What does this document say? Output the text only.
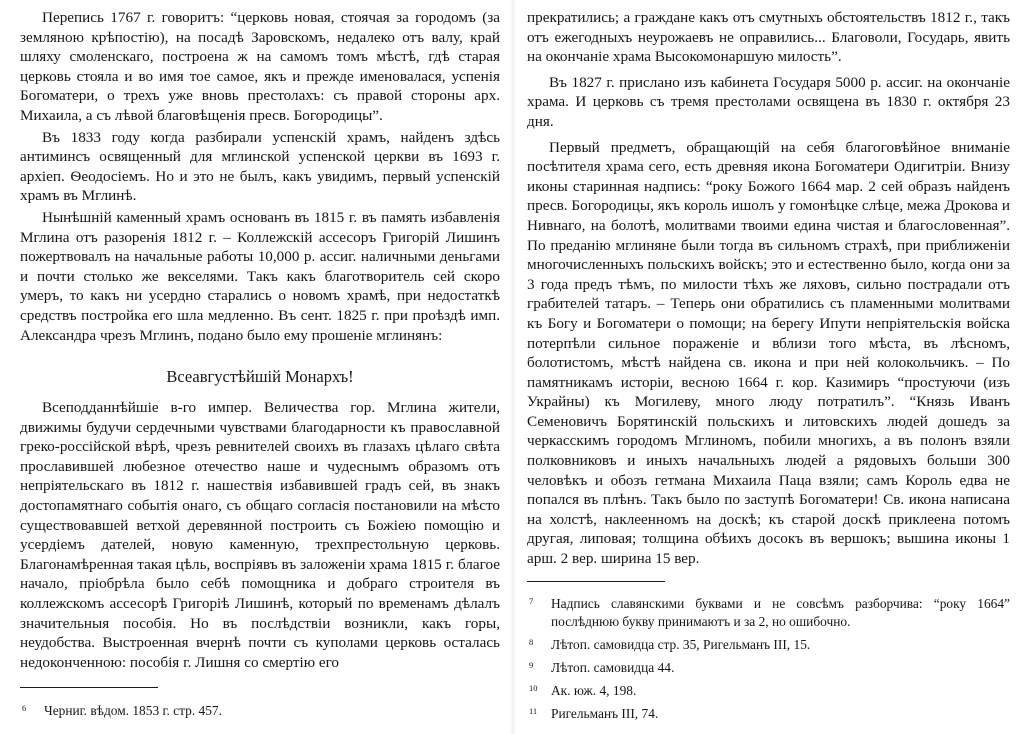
Перепись 1767 г. говоритъ: “церковь новая, стоячая за городомъ (за земляною крѣпостію), на посадѣ Заровскомъ, недалеко отъ валу, край шляху смоленскаго, построена ж на самомъ томъ мѣстѣ, гдѣ старая церковь стояла и во имя тое самое, якъ и прежде именовалася, успенія Богоматери, о трехъ уже вновь престолахъ: съ правой стороны арх. Михаила, а съ лѣвой благовѣщенія пресв. Богородицы”.

Въ 1833 году когда разбирали успенскій храмъ, найденъ здѣсь антиминсъ освященный для мглинской успенской церкви въ 1693 г. архіеп. Ѳеодосіемъ. Но и это не былъ, какъ увидимъ, первый успенскій храмъ въ Мглинѣ.

Нынѣшній каменный храмъ основанъ въ 1815 г. въ память избавленія Мглина отъ разоренія 1812 г. – Коллежскій ассесоръ Григорій Лишинъ пожертвовалъ на начальные работы 10,000 р. ассиг. наличными деньгами и почти столько же векселями. Такъ какъ благотворитель сей скоро умеръ, то какъ ни усердно старались о новомъ храмѣ, при недостаткѣ средствъ постройка его шла медленно. Въ сент. 1825 г. при проѣздѣ имп. Александра чрезъ Мглинъ, подано было ему прошеніе мглинянъ:

Всеавгустѣйшій Монархъ!

Всеподданнѣйшіе в-го импер. Величества гор. Мглина жители, движимы будучи сердечными чувствами благодарности къ православной греко-россійской вѣрѣ, чрезъ ревнителей своихъ въ глазахъ цѣлаго свѣта прославившей любезное отечество наше и чудеснымъ образомъ отъ непріятельскаго въ 1812 г. нашествія избавившей градъ сей, въ знакъ достопамятнаго событія онаго, съ общаго согласія постановили на мѣсто существовавшей ветхой деревянной построить съ Божіею помощію и усердіемъ дателей, новую каменную, трехпрестольную церковь. Благонамѣренная такая цѣль, воспріявъ въ заложеніи храма 1815 г. благое начало, пріобрѣла было себѣ помощника и добраго строителя въ коллежскомъ ассесорѣ Григоріѣ Лишинѣ, который по временамъ дѣлалъ значительныя пособія. Но въ послѣдствіи возникли, какъ горы, неудобства. Выстроенная вчернѣ почти съ куполами церковь осталась недоконченною: пособія г. Лишня со смертію его

6	Черниг. вѣдом. 1853 г. стр. 457.

прекратились; а граждане какъ отъ смутныхъ обстоятельствъ 1812 г., такъ отъ ежегодныхъ неурожаевъ не оправились... Благоволи, Государь, явить на окончаніе храма Высокомонаршую милость”.

Въ 1827 г. прислано изъ кабинета Государя 5000 р. ассиг. на окончаніе храма. И церковь съ тремя престолами освящена въ 1830 г. октября 23 дня.

Первый предметъ, обращающій на себя благоговѣйное вниманіе посѣтителя храма сего, есть древняя икона Богоматери Одигитріи. Внизу иконы старинная надпись: “року Божого 1664 мар. 2 сей образъ найденъ пресв. Богородицы, якъ король ишолъ у гомонѣцке слѣце, межа Дрокова и Нивнаго, на болотѣ, молитвами твоими едина чистая и благословенная”. По преданію мглиняне были тогда въ сильномъ страхѣ, при приближеніи многочисленныхъ польскихъ войскъ; это и естественно было, когда они за 3 года предъ тѣмъ, по милости тѣхъ же ляховъ, сильно пострадали отъ грабителей татаръ. – Теперь они обратились съ пламенными молитвами къ Богу и Богоматери о помощи; на берегу Ипути непріятельскія войска потерпѣли сильное пораженіе и вблизи того мѣста, въ лѣсномъ, болотистомъ, мѣстѣ найдена св. икона и при ней колокольчикъ. – По памятникамъ исторіи, весною 1664 г. кор. Казимиръ “простуючи (изъ Украйны) къ Могилеву, много люду потратилъ”. “Князь Иванъ Семеновичъ Борятинскій польскихъ и литовскихъ людей дошедъ за черкасскимъ городомъ Мглиномъ, побили многихъ, а въ полонъ взяли полковниковъ и иныхъ начальныхъ людей а рядовыхъ больши 300 человѣкъ и обозъ гетмана Михаила Паца взяли; самъ Король едва не попался въ плѣнъ. Такъ было по заступѣ Богоматери! Св. икона написана на холстѣ, наклеенномъ на доскѣ; къ старой доскѣ приклеена потомъ другая, липовая; толщина обѣихъ досокъ въ вершокъ; вышина иконы 1 арш. 2 вер. ширина 15 вер.

7	Надпись славянскими буквами и не совсѣмъ разборчива: “року 1664” послѣднюю букву принимаютъ и за 2, но ошибочно.
8	Лѣтоп. самовидца стр. 35, Ригельманъ III, 15.
9	Лѣтоп. самовидца 44.
10	Ак. юж. 4, 198.
11	Ригельманъ III, 74.
